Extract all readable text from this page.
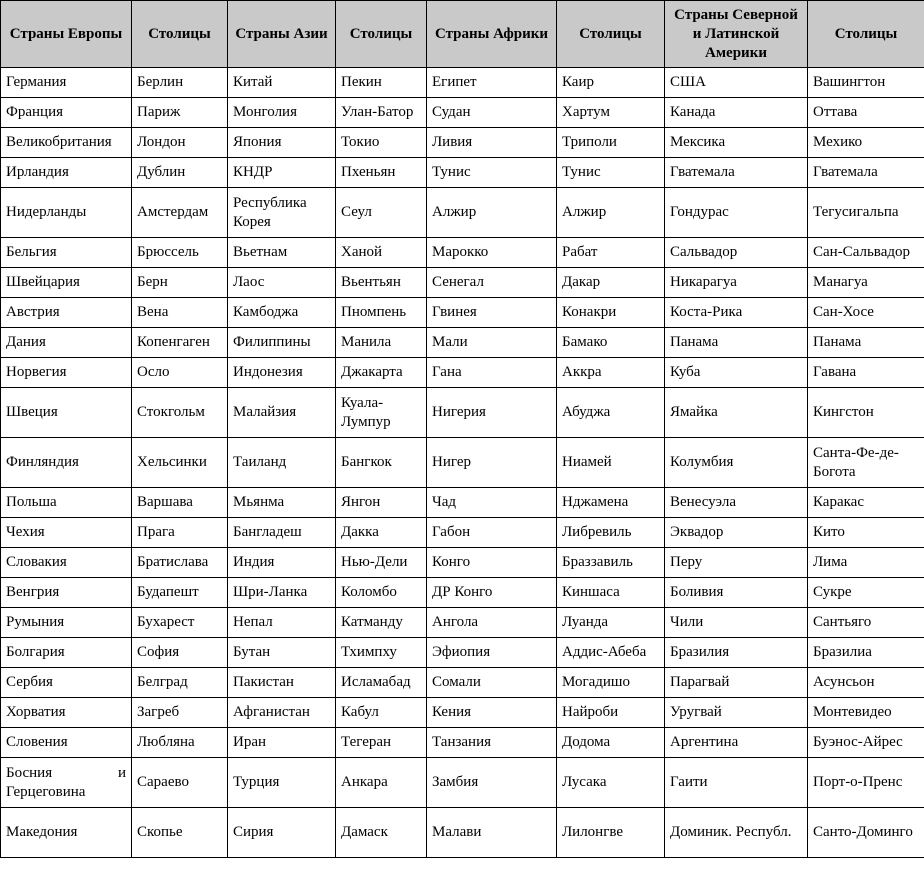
Страны Европы	Столицы	Страны Азии	Столицы	Страны Африки	Столицы	Страны Северной и Латинской Америки	Столицы
Германия	Берлин	Китай	Пекин	Египет	Каир	США	Вашингтон
Франция	Париж	Монголия	Улан-Батор	Судан	Хартум	Канада	Оттава
Великобритания	Лондон	Япония	Токио	Ливия	Триполи	Мексика	Мехико
Ирландия	Дублин	КНДР	Пхеньян	Тунис	Тунис	Гватемала	Гватемала
Нидерланды	Амстердам	Республика Корея	Сеул	Алжир	Алжир	Гондурас	Тегусигальпа
Бельгия	Брюссель	Вьетнам	Ханой	Марокко	Рабат	Сальвадор	Сан-Сальвадор
Швейцария	Берн	Лаос	Вьентьян	Сенегал	Дакар	Никарагуа	Манагуа
Австрия	Вена	Камбоджа	Пномпень	Гвинея	Конакри	Коста-Рика	Сан-Хосе
Дания	Копенгаген	Филиппины	Манила	Мали	Бамако	Панама	Панама
Норвегия	Осло	Индонезия	Джакарта	Гана	Аккра	Куба	Гавана
Швеция	Стокгольм	Малайзия	Куала-Лумпур	Нигерия	Абуджа	Ямайка	Кингстон
Финляндия	Хельсинки	Таиланд	Бангкок	Нигер	Ниамей	Колумбия	Санта-Фе-де-Богота
Польша	Варшава	Мьянма	Янгон	Чад	Нджамена	Венесуэла	Каракас
Чехия	Прага	Бангладеш	Дакка	Габон	Либревиль	Эквадор	Кито
Словакия	Братислава	Индия	Нью-Дели	Конго	Браззавиль	Перу	Лима
Венгрия	Будапешт	Шри-Ланка	Коломбо	ДР Конго	Киншаса	Боливия	Сукре
Румыния	Бухарест	Непал	Катманду	Ангола	Луанда	Чили	Сантьяго
Болгария	София	Бутан	Тхимпху	Эфиопия	Аддис-Абеба	Бразилия	Бразилиа
Сербия	Белград	Пакистан	Исламабад	Сомали	Могадишо	Парагвай	Асунсьон
Хорватия	Загреб	Афганистан	Кабул	Кения	Найроби	Уругвай	Монтевидео
Словения	Любляна	Иран	Тегеран	Танзания	Додома	Аргентина	Буэнос-Айрес

Босния и
Герцеговина	Сараево	Турция	Анкара	Замбия	Лусака	Гаити	Порт-о-Пренс
Македония	Скопье	Сирия	Дамаск	Малави	Лилонгве	Доминик. Республ.	Санто-Доминго
